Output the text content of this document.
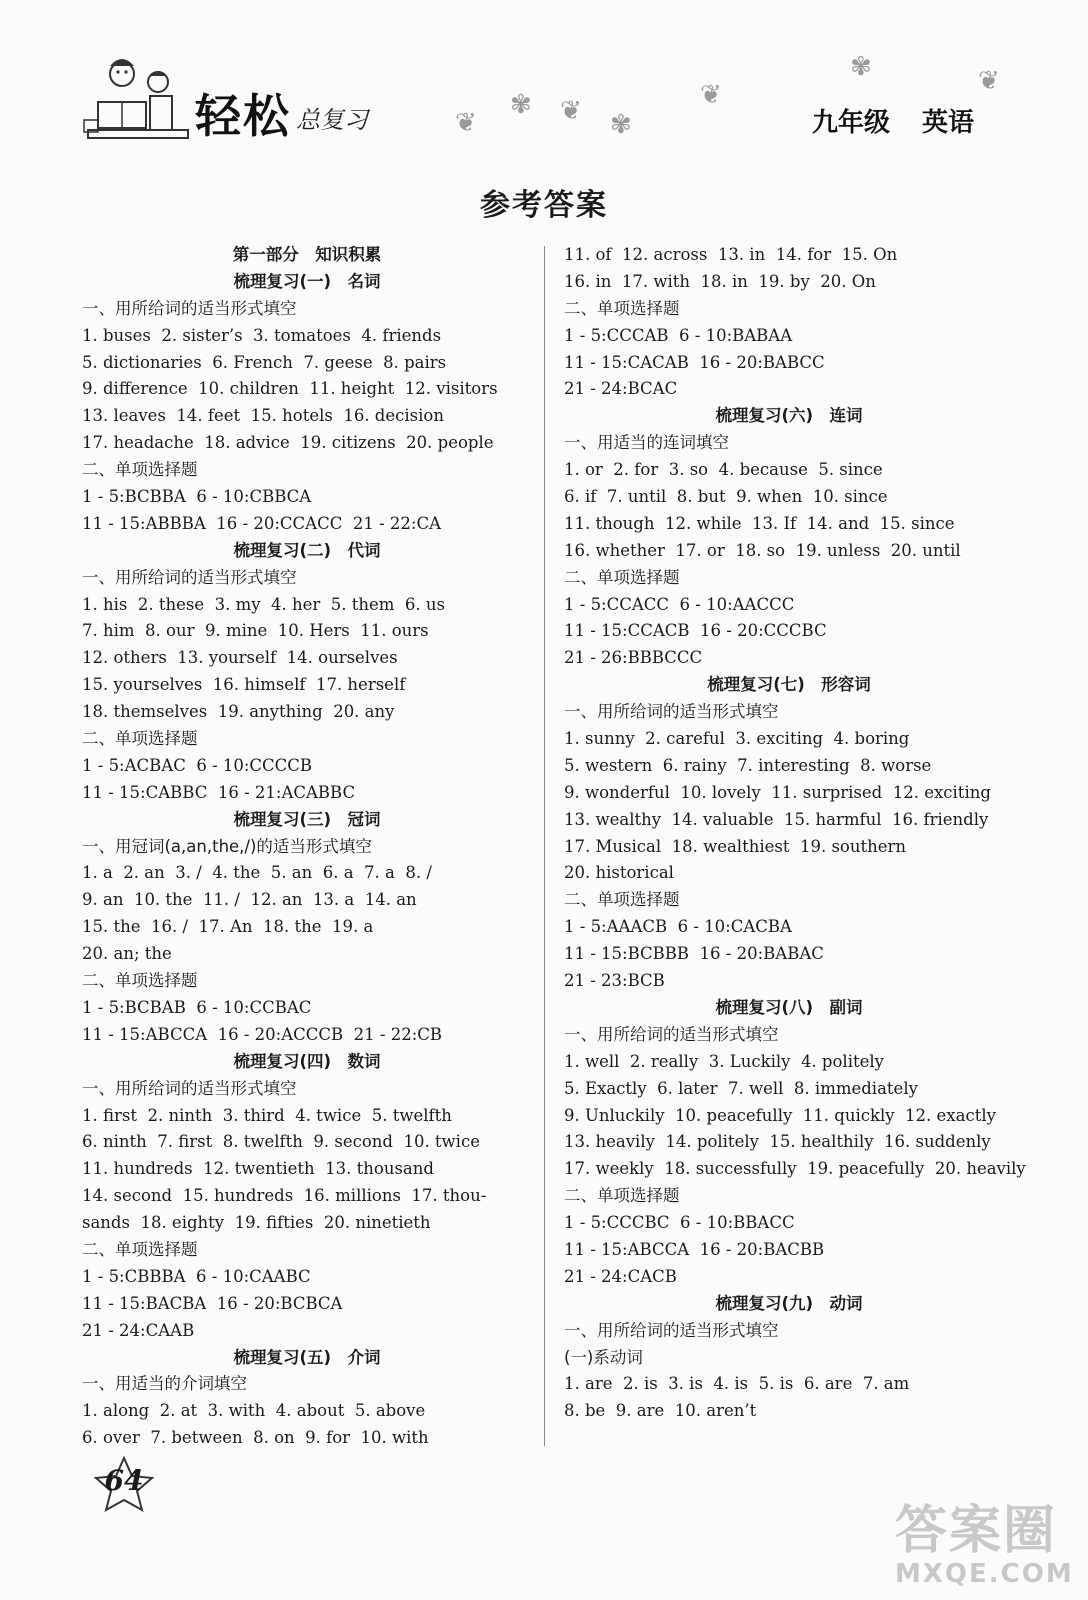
轻松 总复习	❦
✾ ❦ ✾
❦
✾	❦
九年级 英语
参考答案
第一部分　知识积累
梳理复习(一)　名词
一、用所给词的适当形式填空
1. buses  2. sister’s  3. tomatoes  4. friends
5. dictionaries  6. French  7. geese  8. pairs
9. difference  10. children  11. height  12. visitors
13. leaves  14. feet  15. hotels  16. decision
17. headache  18. advice  19. citizens  20. people
二、单项选择题
1 - 5:BCBBA  6 - 10:CBBCA
11 - 15:ABBBA  16 - 20:CCACC  21 - 22:CA
梳理复习(二)　代词
一、用所给词的适当形式填空
1. his  2. these  3. my  4. her  5. them  6. us
7. him  8. our  9. mine  10. Hers  11. ours
12. others  13. yourself  14. ourselves
15. yourselves  16. himself  17. herself
18. themselves  19. anything  20. any
二、单项选择题
1 - 5:ACBAC  6 - 10:CCCCB
11 - 15:CABBC  16 - 21:ACABBC
梳理复习(三)　冠词
一、用冠词(a,an,the,/)的适当形式填空
1. a  2. an  3. /  4. the  5. an  6. a  7. a  8. /
9. an  10. the  11. /  12. an  13. a  14. an
15. the  16. /  17. An  18. the  19. a
20. an; the
二、单项选择题
1 - 5:BCBAB  6 - 10:CCBAC
11 - 15:ABCCA  16 - 20:ACCCB  21 - 22:CB
梳理复习(四)　数词
一、用所给词的适当形式填空
1. first  2. ninth  3. third  4. twice  5. twelfth
6. ninth  7. first  8. twelfth  9. second  10. twice
11. hundreds  12. twentieth  13. thousand
14. second  15. hundreds  16. millions  17. thou-
sands  18. eighty  19. fifties  20. ninetieth
二、单项选择题
1 - 5:CBBBA  6 - 10:CAABC
11 - 15:BACBA  16 - 20:BCBCA
21 - 24:CAAB
梳理复习(五)　介词
一、用适当的介词填空
1. along  2. at  3. with  4. about  5. above
6. over  7. between  8. on  9. for  10. with
11. of  12. across  13. in  14. for  15. On
16. in  17. with  18. in  19. by  20. On
二、单项选择题
1 - 5:CCCAB  6 - 10:BABAA
11 - 15:CACAB  16 - 20:BABCC
21 - 24:BCAC
梳理复习(六)　连词
一、用适当的连词填空
1. or  2. for  3. so  4. because  5. since
6. if  7. until  8. but  9. when  10. since
11. though  12. while  13. If  14. and  15. since
16. whether  17. or  18. so  19. unless  20. until
二、单项选择题
1 - 5:CCACC  6 - 10:AACCC
11 - 15:CCACB  16 - 20:CCCBC
21 - 26:BBBCCC
梳理复习(七)　形容词
一、用所给词的适当形式填空
1. sunny  2. careful  3. exciting  4. boring
5. western  6. rainy  7. interesting  8. worse
9. wonderful  10. lovely  11. surprised  12. exciting
13. wealthy  14. valuable  15. harmful  16. friendly
17. Musical  18. wealthiest  19. southern
20. historical
二、单项选择题
1 - 5:AAACB  6 - 10:CACBA
11 - 15:BCBBB  16 - 20:BABAC
21 - 23:BCB
梳理复习(八)　副词
一、用所给词的适当形式填空
1. well  2. really  3. Luckily  4. politely
5. Exactly  6. later  7. well  8. immediately
9. Unluckily  10. peacefully  11. quickly  12. exactly
13. heavily  14. politely  15. healthily  16. suddenly
17. weekly  18. successfully  19. peacefully  20. heavily
二、单项选择题
1 - 5:CCCBC  6 - 10:BBACC
11 - 15:ABCCA  16 - 20:BACBB
21 - 24:CACB
梳理复习(九)　动词
一、用所给词的适当形式填空
(一)系动词
1. are  2. is  3. is  4. is  5. is  6. are  7. am
8. be  9. are  10. aren’t
64
答案圈
MXQE.COM
